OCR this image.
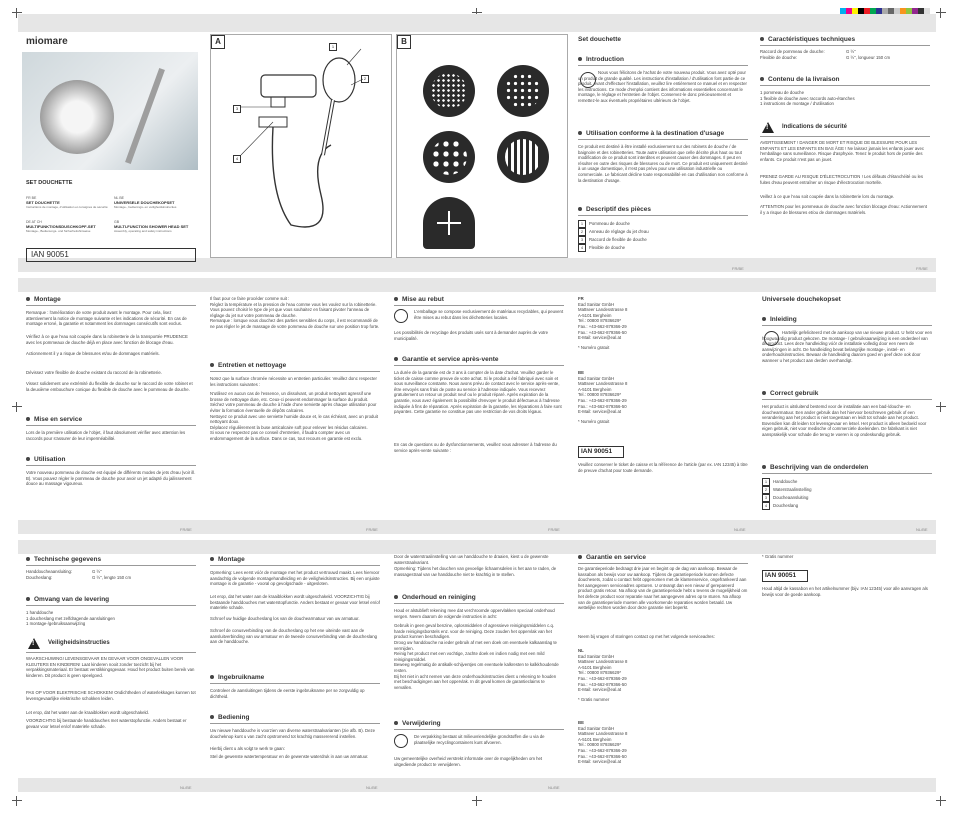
miomare
SET DOUCHETTE
FR BE
SET DOUCHETTE
Instructions de montage, d'utilisation et consignes de sécurité
NL BE
UNIVERSELE DOUCHEKOPSET
Montage-, bedienings- en veiligheidsinstructies
DE AT CH
MULTIFUNKTIONSDUSCHKOPF-SET
Montage-, Bedienungs- und Sicherheitshinweise
GB
MULTI-FUNCTION SHOWER HEAD SET
Assembly, operating and safety instructions
IAN 90051
A
1
2
3
4
B	Set douchette
Introduction
Nous vous félicitons de l'achat de votre nouveau produit. Vous avez opté pour un produit de grande qualité. Les instructions d'installation / d'utilisation font partie de ce produit. Avant d'effectuer l'installation, veuillez lire entièrement ce manuel et en respecter les instructions. Ce mode d'emploi contient des informations essentielles concernant le montage, le réglage et l'entretien de l'objet. Conservez-le donc précieusement et remettez-le aux éventuels propriétaires ultérieurs de l'objet.
Utilisation conforme à la destination d'usage
Ce produit est destiné à être installé exclusivement sur des robinets de douche / de baignoire et des robinetteries. Toute autre utilisation que celle décrite plus haut ou tout modification de ce produit sont interdites et peuvent causer des dommages. Il peut en résulter en outre des risques de blessures ou de mort. Ce produit est uniquement destiné à un usage domestique, il n'est pas prévu pour une utilisation industrielle ou commerciale. Le fabricant décline toute responsabilité en cas d'utilisation non conforme à la destination d'usage.
Descriptif des pièces
1 Pommeau de douche
2 Anneau de réglage du jet d'eau
3 Raccord de flexible de douche
4 Flexible de douche
Caractéristiques techniques
Raccord de pommeau de douche:	G ½"
Flexible de douche:	G ½", longueur 150 cm
Contenu de la livraison
1 pommeau de douche
1 flexible de douche avec raccords auto-étanches
1 instructions de montage / d'utilisation
!
Indications de sécurité
AVERTISSEMENT ! DANGER DE MORT ET RISQUE DE BLESSURE POUR LES ENFANTS ET LES ENFANTS EN BAS ÂGE ! Ne laissez jamais les enfants jouer avec l'emballage sans surveillance. Risque d'asphyxie. Tenez le produit hors de portée des enfants. Ce produit n'est pas un jouet.
PRENEZ GARDE AU RISQUE D'ÉLECTROCUTION ! Les défauts d'étanchéité ou les fuites d'eau peuvent entraîner un risque d'électrocution mortelle.
Veillez à ce que l'eau soit coupée dans la robinetterie lors du montage.
ATTENTION pour les pommeaux de douche avec fonction blocage d'eau: Actionnement il y a risque de blessures et/ou de dommages matériels.
FR/BE	FR/BE
Montage
Remarque : l'amélioration de votre produit avant le montage. Pour cela, lisez attentivement la notice de montage suivante et les indications de sécurité. En cas de montage erroné, la garantie et notamment les dommages consécutifs sont exclus.
Vérifiez à ce que l'eau soit coupée dans la robinetterie de la transportée PRUDENCE avec les pommeaux de douche déjà en place avec fonction de blocage d'eau.
Actionnement il y a risque de blessures et/ou de dommages matériels.
Dévissez votre flexible de douche existant du raccord de la robinetterie.
Vissez solidement une extrémité du flexible de douche sur le raccord de votre robinet et la deuxième embouchure conique du flexible de douche avec le pommeau de douche.
Mise en service
Lors de la première utilisation de l'objet, il faut absolument vérifier avec attention les raccords pour s'assurer de leur imperméabilité.
Utilisation
Votre nouveau pommeau de douche est équipé de différents modes de jets d'eau (voir ill. B). Vous pouvez régler le pommeau de douche pour avoir un jet adapté du jailissement douce au massage vigoureux.
Il faut pour ce faire procéder comme suit :
Réglez la température et la pression de l'eau comme vous les voulez sur la robinetterie.
Vous pouvez choisir le type de jet que vous souhaitez en faisant pivoter l'anneau de réglage du jet sur votre pommeau de douche.
Remarque : lorsque vous douchez des parties sensibles du corps, il est recommandé de ne pas régler le jet de massage de votre pommeau de douche sur une position trop forte.
Entretien et nettoyage
Notez que la surface chromée nécessite un entretien particulier. Veuillez donc respecter les instructions suivantes :
N'utilisez en aucun cas de l'essence, un dissolvant, un produit nettoyant agressif une brosse de nettoyage dure, etc. Ceux-ci peuvent endommager la surface du produit.
Séchez votre pommeau de douche à l'aide d'une serviette après chaque utilisation pour éviter la formation éventuelle de dépôts calcaires.
Nettoyez ce produit avec une serviette humide douce et, le cas échéant, avec un produit nettoyant doux.
Déplacez régulièrement la buse anticalcaire soft pour enlever les résidus calcaires.
Si vous ne respectez pas ce conseil d'entretien, il faudra compter avec un endommagement de la surface. Dans ce cas, tout recours en garantie est exclu.
Mise au rebut
L'emballage se compose exclusivement de matériaux recyclables, qui peuvent être mises au rebut dans les déchetteries locales.
Les possibilités de recyclage des produits usés sont à demander auprès de votre municipalité.
Garantie et service après-vente
La durée de la garantie est de 3 ans à compter de la date d'achat. Veuillez garder le ticket de caisse comme preuve de votre achat. Si le produit a été fabriqué avec soin et sous surveillance constante. Nous avons prévu de contact avec le service après-vente, être envoyés sans frais de poste au service à l'adresse indiquée. Vous recevrez gratuitement un retour un produit neuf ou le produit réparé. Après expiration de la garantie, vous avez également la possibilité d'envoyer le produit défectueux à l'adresse indiquée à fins de réparation. Après expiration de la garantie, les réparations à faire sont payantes. Cette garantie ne constitue pas une restriction de vos droits légaux.
En cas de questions ou de dysfonctionnements, veuillez vous adresser à l'adresse du service après-vente suivante :
FR
Ead Sanitar GmbH
Mattseer Landesstrasse 8
A-5101 Bergheim
Tel.: 00800 87936629*
Fax.: +43-662-879366-29
Fax.: +43-662-879366-50
E-Mail: service@eal.at
* Numéro gratuit
BE
Ead Sanitar GmbH
Mattseer Landesstrasse 8
A-5101 Bergheim
Tel.: 00800 87936629*
Fax.: +43-662-879366-29
Fax.: +43-662-879366-50
E-Mail: service@eal.at
* Numéro gratuit
IAN 90051
Veuillez conserver le ticket de caisse et la référence de l'article (par ex. IAN 12345) à titre de preuve d'achat pour toute demande.
Universele douchekopset
Inleiding
Hartelijk gefeliciteerd met de aankoop van uw nieuwe product. U hebt voor een hoogwaardig product gekozen. De montage- / gebruiksaanwijzing is een onderdeel van dit product. Lees deze handleiding vóór de installatie volledig door een neem de aanwijzingen in acht. De handleiding bevat belangrijke montage-, instel- en onderhoudsinstructies. Bewaar de handleiding daarom goed en geef deze ook door wanneer u het product aan derden overhandigt.
Correct gebruik
Het product is uitsluitend bestemd voor de installatie aan een bad-/douche- en douchearmatuur. Een ander gebruik dan het hiervoor beschreven gebruik of een verandering aan het product is niet toegestaan en leidt tot schade aan het product. Bovendien kan dit leiden tot levensgevaar en letsel. Het product is alleen bedoeld voor eigen gebruik, niet voor medische of commerciële doeleinden. De fabrikant is niet aansprakelijk voor schade die terug te voeren is op ondeskundig gebruik.
Beschrijving van de onderdelen
1 Handdouche
2 Waterstraalinstelling
3 Doucheaansluiting
4 Doucheslang
FR/BE	FR/BE	FR/BE	NL/BE	NL/BE
Technische gegevens
Handdoucheaansluiting:	G ½"
Doucheslang:	G ½", lengte 150 cm
Omvang van de levering
1 handdouche
1 doucheslang met zelfdragende aansluitingen
1 montage-/gebruiksaanwijzing
!
Veiligheidsinstructies
WAARSCHUWING! LEVENSGEVAAR EN GEVAAR VOOR ONGEVALLEN VOOR KLEUTERS EN KINDEREN! Laat kinderen nooit zonder toezicht bij het verpakkingsmateriaal. Er bestaat verstikkingsgevaar. Houd het product buiten bereik van kinderen. Dit product is geen speelgoed.
PAS OP VOOR ELEKTRISCHE SCHOKKEN! Ondichtheden of waterlekkages kunnen tot levensgevaarlijke elektrische schokken leiden.
Let erop, dat het water aan de kraaiblokken wordt uitgeschakeld.
VOORZICHTIG bij bestaande handdouches met waterstopfunctie. Anders bestaat er gevaar voor letsel en/of materiële schade.
Montage
Opmerking: Lees eerst vóór de montage met het product vertrouwd maakt. Lees hiervoor aandachtig de volgende montagehandleiding en de veiligheidsinstructies. Bij een onjuiste montage is de garantie - vooral op gevolgschade - uitgesloten.
Let erop, dat het water aan de kraaiblokken wordt uitgeschakeld. VOORZICHTIG bij bestaande handdouches met waterstopfunctie. Anders bestaat er gevaar voor letsel en/of materiële schade.
Schroef uw huidige doucheslang los van de douchearmatuur van uw armatuur.
Schroef de conusverbinding van de doucheslang op het ene uiteinde vast aan de aansluitverbinding van uw armatuur en de tweede conusverbinding van de doucheslang aan de handdouche.
Ingebruikname
Controleer de aansluitingen tijdens de eerste ingebruikname per se zorgvuldig op dichtheid.
Bediening
Uw nieuwe handdouche is voorzien van diverse waterstraalvarianten (zie afb. B). Deze doucheknop kunt u van zacht opstromend tot krachtig massererend instellen.
Hierbij dient u als volgt te werk te gaan:
Stel de gewenste watertemperatuur en de gewenste waterdruk in aan uw armatuur.
Door de waterstraalinstelling van uw handdouche te draaien, kiest u de gewenste waterstraalvariant.
Opmerking: Tijdens het douchen van gevoelige lichaamsdelen is het aan te raden, de massagestraal van uw handdouche niet te krachtig in te stellen.
Onderhoud en reiniging
Houd er alstublieft rekening mee dat verchroomde oppervlakken speciaal onderhoud vergen. Neem daarom de volgende instructies in acht:
Gebruik in geen geval benzine, oplosmiddelen of agressieve reinigingsmiddelen c.q. harde reinigingsborstels enz. voor de reiniging. Deze zouden het oppervlak van het product kunnen beschadigen.
Droog uw handdouche na ieder gebruik af met een doek om eventuele kalkaanslag te vermijden.
Reinig het product met een vochtige, zachte doek en indien nodig met een mild reinigingsmiddel.
Beweeg regelmatig de antikalk-schijventjes om eventuele kalkresten te kalkkhoudende resten.
Bij het niet in acht nemen van deze onderhoudsinstructies dient u rekening te houden met beschadigingen aan het oppervlak. In dit geval komen de garantieclaims te vervallen.
Verwijdering
De verpakking bestaat uit milieuvriendelijke grondstoffen die u via de plaatselijke recyclingcontainers kunt afvoeren.
Uw gemeentelijke overheid verstrekt informatie over de mogelijkheden om het uitgediende product te verwijderen.
Garantie en service
De garantieperiode bedraagt drie jaar en begint op de dag van aankoop. Bewaar de kassabon als bewijs voor uw aankoop. Tijdens de garantieperiode kunnen defecte douchesets, zodat u contact hebt opgenomen met de klantenservice, ongefrankeerd aan het aangegeven serviceadres opsturen. U ontvangt dan een nieuw of gerepareerd product gratis retour. Na afloop van de garantieperiode hebt u tevens de mogelijkheid om het defecte product voor reparatie naar het aangegeven adres op te sturen. Na afloop van de garantieperiode moeten alle voorkomende reparaties worden betaald. Uw wettelijke rechten worden door deze garantie niet beperkt.
Neem bij vragen of storingen contact op met het volgende serviceadres:
NL
Ead Sanitar GmbH
Mattseer Landesstrasse 8
A-5101 Bergheim
Tel.: 00800 87936629*
Fax.: +43-662-879366-29
Fax.: +43-662-879366-50
E-Mail: service@eal.at
* Gratis nummer
BE
Ead Sanitar GmbH
Mattseer Landesstrasse 8
A-5101 Bergheim
Tel.: 00800 87936629*
Fax.: +43-662-879366-29
Fax.: +43-662-879366-50
E-Mail: service@eal.at
* Gratis nummer
IAN 90051
Houd altijd de kassabon en het artikelnummer (bijv. IAN 12345) voor alle aanvragen als bewijs voor de goede aankoop.
NL/BE	NL/BE	NL/BE
